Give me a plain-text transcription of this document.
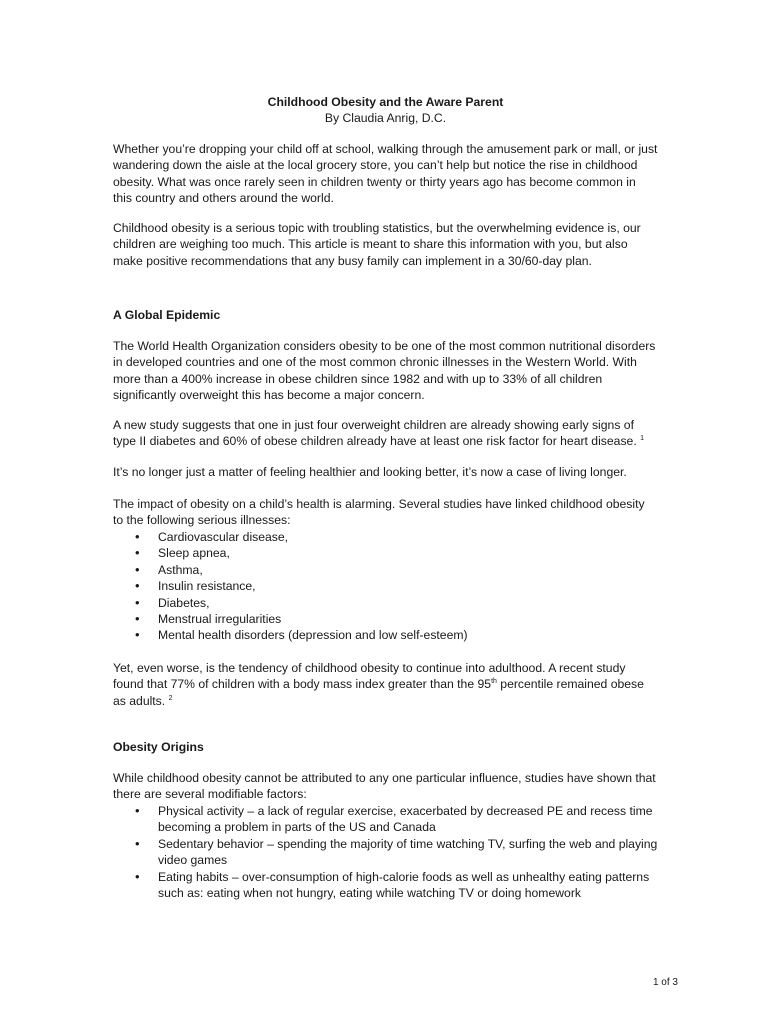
Childhood Obesity and the Aware Parent
By Claudia Anrig, D.C.

Whether you’re dropping your child off at school, walking through the amusement park or mall, or just wandering down the aisle at the local grocery store, you can’t help but notice the rise in childhood obesity. What was once rarely seen in children twenty or thirty years ago has become common in this country and others around the world.

Childhood obesity is a serious topic with troubling statistics, but the overwhelming evidence is, our children are weighing too much. This article is meant to share this information with you, but also make positive recommendations that any busy family can implement in a 30/60-day plan.

A Global Epidemic

The World Health Organization considers obesity to be one of the most common nutritional disorders in developed countries and one of the most common chronic illnesses in the Western World. With more than a 400% increase in obese children since 1982 and with up to 33% of all children significantly overweight this has become a major concern.

A new study suggests that one in just four overweight children are already showing early signs of type II diabetes and 60% of obese children already have at least one risk factor for heart disease. $^1$

It’s no longer just a matter of feeling healthier and looking better, it’s now a case of living longer.

The impact of obesity on a child’s health is alarming. Several studies have linked childhood obesity to the following serious illnesses:

• Cardiovascular disease,
• Sleep apnea,
• Asthma,
• Insulin resistance,
• Diabetes,
• Menstrual irregularities
• Mental health disorders (depression and low self-esteem)

Yet, even worse, is the tendency of childhood obesity to continue into adulthood. A recent study found that 77% of children with a body mass index greater than the 95th percentile remained obese as adults. $^2$

Obesity Origins

While childhood obesity cannot be attributed to any one particular influence, studies have shown that there are several modifiable factors:

• Physical activity – a lack of regular exercise, exacerbated by decreased PE and recess time becoming a problem in parts of the US and Canada
• Sedentary behavior – spending the majority of time watching TV, surfing the web and playing video games
• Eating habits – over-consumption of high-calorie foods as well as unhealthy eating patterns such as: eating when not hungry, eating while watching TV or doing homework
1 of 3
